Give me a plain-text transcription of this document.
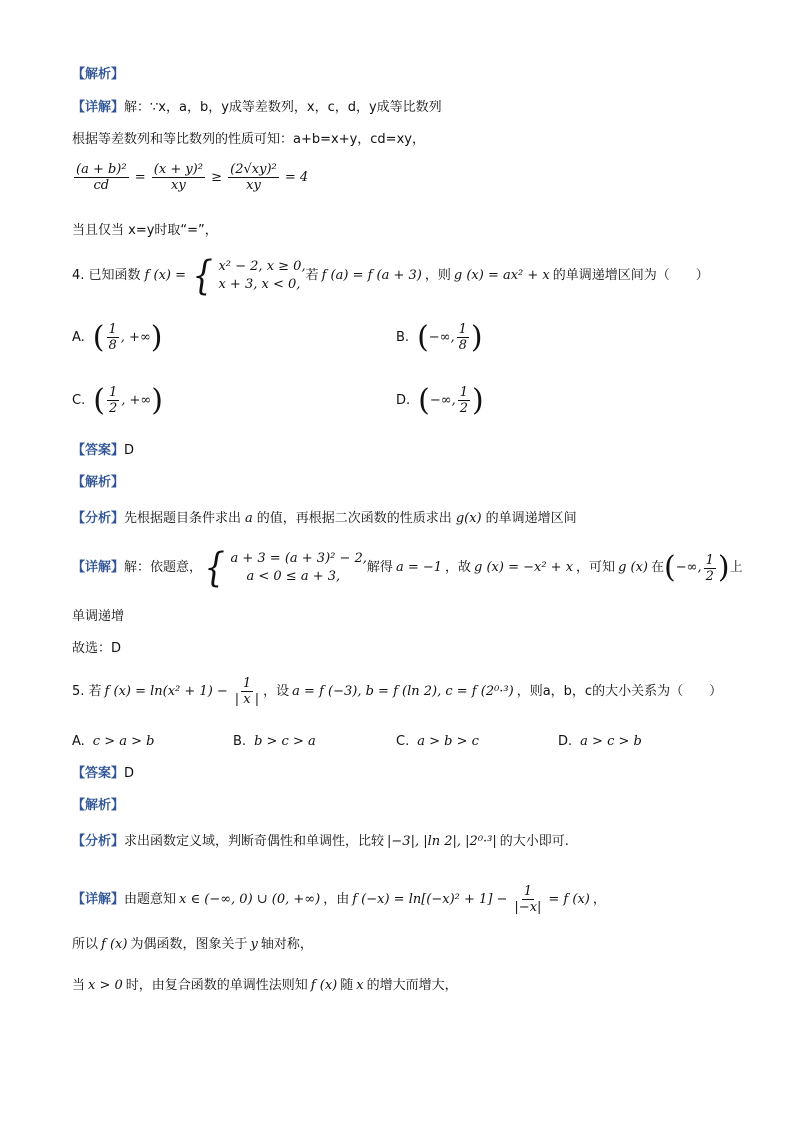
【解析】
【详解】解：∵x，a，b，y成等差数列，x，c，d，y成等比数列
根据等差数列和等比数列的性质可知：a+b=x+y，cd=xy，
$\frac{\text{(a + b)²}}{cd} = \frac{\text{(x + y)²}}{xy} \ge \frac{\text{(2√xy)²}}{xy} = 4$
当且仅当 x=y时取“=”，
4. 已知函数 f (x) = { x² − 2, x ≥ 0,
x + 3, x < 0,
若 f (a) = f (a + 3) ，则 g (x) = ax² + x 的单调递增区间为（　　）
A. ( $\frac{1}{8}$ , +∞ )	B. ( −∞, $\frac{1}{8}$ )
C. ( $\frac{1}{2}$ , +∞ )	D. ( −∞, $\frac{1}{2}$ )
【答案】D
【解析】
【分析】先根据题目条件求出 a 的值，再根据二次函数的性质求出 g(x) 的单调递增区间
【详解】 解：依题意， { a + 3 = (a + 3)² − 2,
a < 0 ≤ a + 3,
解得 a = −1 ，故 g (x) = −x² + x ，可知 g (x) 在 ( −∞, $\frac{1}{2}$ ) 上
单调递增
故选：D
5. 若 f $(x) = \ln(x^2 + 1) - \frac{1}{| x |}$ ，设 a = f (−3), b = f (ln 2), c = f (2⁰·³) ，则a，b，c的大小关系为（　　）
A. c > a > b	B. b > c > a	C. a > b > c	D. a > c > b
【答案】D
【解析】
【分析】求出函数定义域，判断奇偶性和单调性，比较 |−3|, |ln 2|, |2⁰·³| 的大小即可.
【详解】 由题意知 x ∈ (−∞, 0) ∪ (0, +∞) ，由 f $(-x) = \ln[(-x)^2 + 1] - \frac{1}{|-x|} = f$ (x) ，
所以 f (x) 为偶函数，图象关于 y 轴对称，
当 x > 0 时，由复合函数的单调性法则知 f (x) 随 x 的增大而增大，
